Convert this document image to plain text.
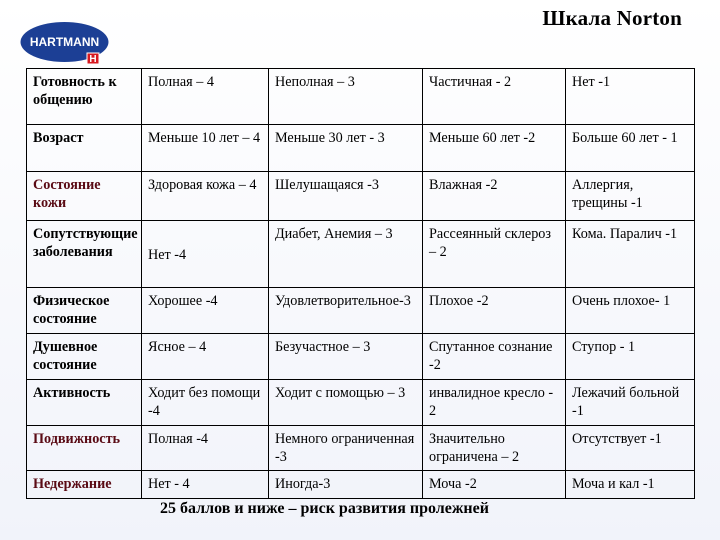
HARTMANN
H
Шкала Norton
Готовность к общению	Полная – 4	Неполная – 3	Частичная - 2	Нет -1
Возраст	Меньше 10 лет – 4	Меньше 30 лет - 3	Меньше 60 лет -2	Больше 60 лет - 1
Состояние кожи	Здоровая кожа – 4	Шелушащаяся -3	Влажная -2	Аллергия, трещины -1
Сопутствующие заболевания	Нет -4	Диабет, Анемия – 3	Рассеянный склероз – 2	Кома. Паралич -1
Физическое состояние	Хорошее -4	Удовлетворительное-3	Плохое -2	Очень плохое- 1
Душевное состояние	Ясное – 4	Безучастное – 3	Спутанное сознание -2	Ступор - 1
Активность	Ходит без помощи -4	Ходит с помощью – 3	инвалидное кресло - 2	Лежачий больной -1
Подвижность	Полная -4	Немного ограниченная -3	Значительно ограничена – 2	Отсутствует -1
Недержание	Нет - 4	Иногда-3	Моча -2	Моча и кал -1
25 баллов и ниже – риск развития пролежней
